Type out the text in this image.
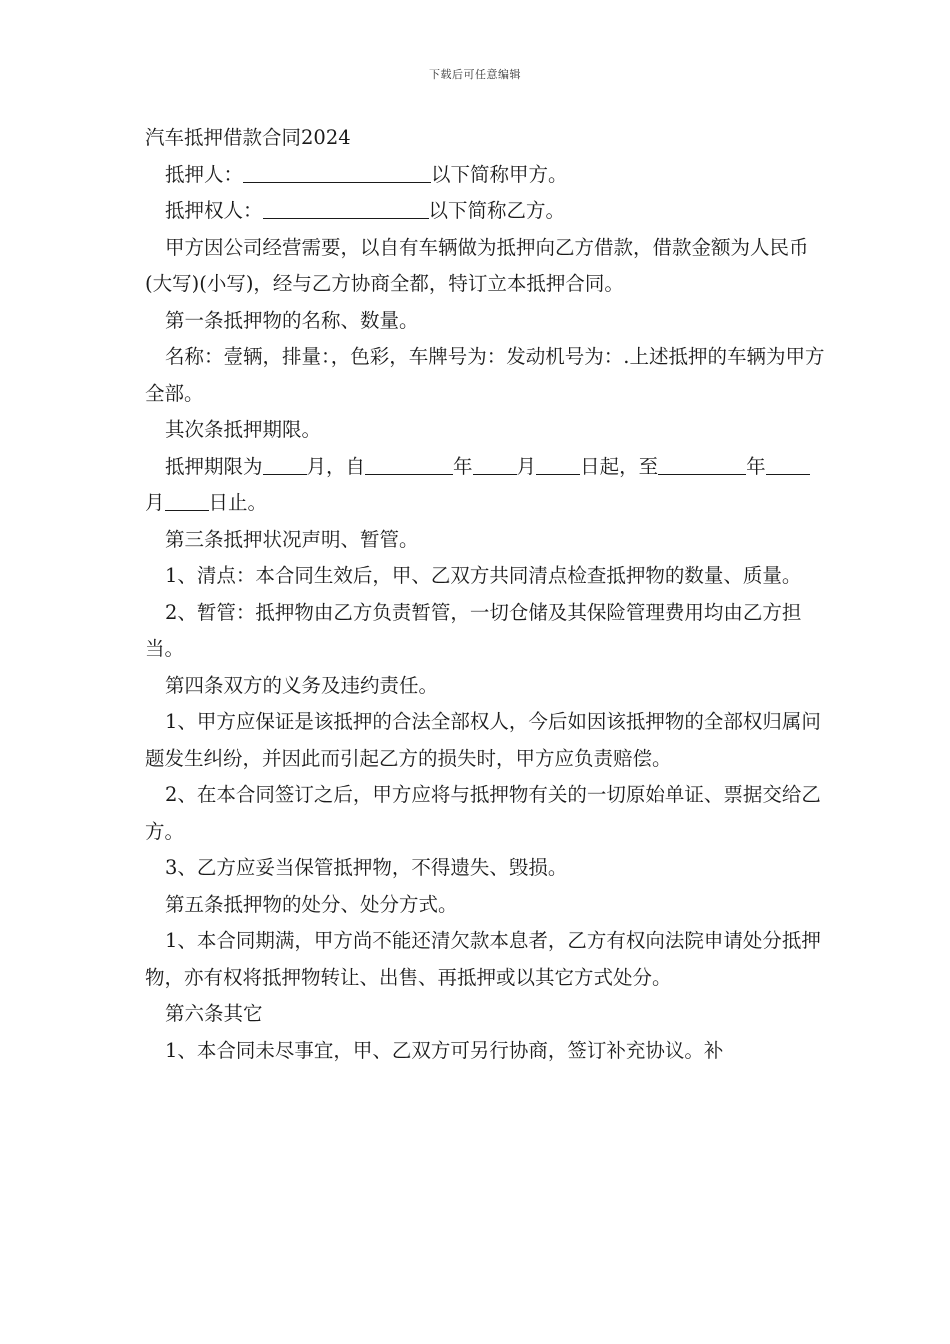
下载后可任意编辑
汽车抵押借款合同2024

抵押人：	以下简称甲方。

抵押权人：	以下简称乙方。

甲方因公司经营需要，以自有车辆做为抵押向乙方借款，借款金额为人民币(大写)(小写)，经与乙方协商全都，特订立本抵押合同。

第一条抵押物的名称、数量。

名称：壹辆，排量：，色彩，车牌号为：发动机号为：.上述抵押的车辆为甲方全部。

其次条抵押期限。

抵押期限为 月，自	年 月 日起，至	年月 日止。

第三条抵押状况声明、暂管。

1、清点：本合同生效后，甲、乙双方共同清点检查抵押物的数量、质量。

2、暂管：抵押物由乙方负责暂管，一切仓储及其保险管理费用均由乙方担当。

第四条双方的义务及违约责任。

1、甲方应保证是该抵押的合法全部权人，今后如因该抵押物的全部权归属问题发生纠纷，并因此而引起乙方的损失时，甲方应负责赔偿。

2、在本合同签订之后，甲方应将与抵押物有关的一切原始单证、票据交给乙方。

3、乙方应妥当保管抵押物，不得遗失、毁损。

第五条抵押物的处分、处分方式。

1、本合同期满，甲方尚不能还清欠款本息者，乙方有权向法院申请处分抵押物，亦有权将抵押物转让、出售、再抵押或以其它方式处分。

第六条其它

1、本合同未尽事宜，甲、乙双方可另行协商，签订补充协议。补
